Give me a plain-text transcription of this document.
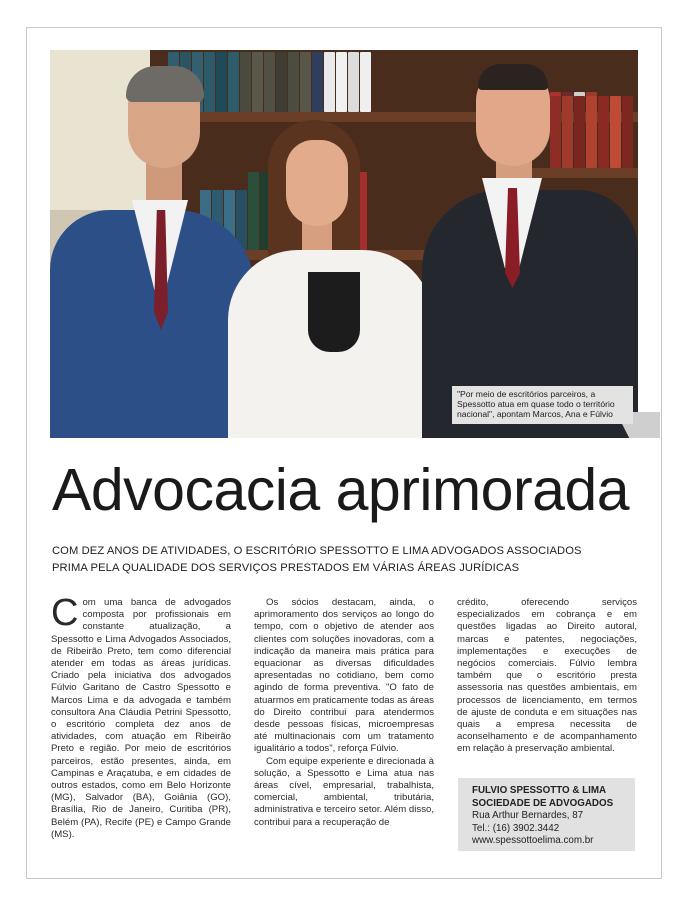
"Por meio de escritórios parceiros, a Spessotto atua em quase todo o território nacional", apontam Marcos, Ana e Fúlvio
Advocacia aprimorada
COM DEZ ANOS DE ATIVIDADES, O ESCRITÓRIO SPESSOTTO E LIMA ADVOGADOS ASSOCIADOS
PRIMA PELA QUALIDADE DOS SERVIÇOS PRESTADOS EM VÁRIAS ÁREAS JURÍDICAS

Com uma banca de advogados composta por profissionais em constante atualização, a Spessotto e Lima Advogados Associados, de Ribeirão Preto, tem como diferencial atender em todas as áreas jurídicas. Criado pela iniciativa dos advogados Fúlvio Garitano de Castro Spessotto e Marcos Lima e da advogada e também consultora Ana Cláudia Petrini Spessotto, o escritório completa dez anos de atividades, com atuação em Ribeirão Preto e região. Por meio de escritórios parceiros, estão presentes, ainda, em Campinas e Araçatuba, e em cidades de outros estados, como em Belo Horizonte (MG), Salvador (BA), Goiânia (GO), Brasília, Rio de Janeiro, Curitiba (PR), Belém (PA), Recife (PE) e Campo Grande (MS).

Os sócios destacam, ainda, o aprimoramento dos serviços ao longo do tempo, com o objetivo de atender aos clientes com soluções inovadoras, com a indicação da maneira mais prática para equacionar as diversas dificuldades apresentadas no cotidiano, bem como agindo de forma preventiva. "O fato de atuarmos em praticamente todas as áreas do Direito contribui para atendermos desde pessoas físicas, microempresas até multinacionais com um tratamento igualitário a todos", reforça Fúlvio.

Com equipe experiente e direcionada à solução, a Spessotto e Lima atua nas áreas cível, empresarial, trabalhista, comercial, ambiental, tributária, administrativa e terceiro setor. Além disso, contribui para a recuperação de

crédito, oferecendo serviços especializados em cobrança e em questões ligadas ao Direito autoral, marcas e patentes, negociações, implementações e execuções de negócios comerciais. Fúlvio lembra também que o escritório presta assessoria nas questões ambientais, em processos de licenciamento, em termos de ajuste de conduta e em situações nas quais a empresa necessita de aconselhamento e de acompanhamento em relação à preservação ambiental.

FULVIO SPESSOTTO & LIMA
SOCIEDADE DE ADVOGADOS
Rua Arthur Bernardes, 87
Tel.: (16) 3902.3442
www.spessottoelima.com.br
